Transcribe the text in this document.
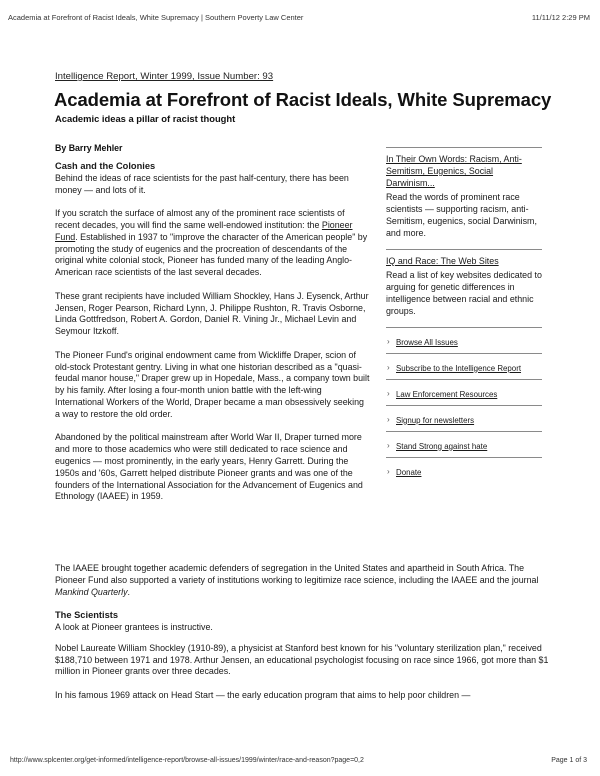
Academia at Forefront of Racist Ideals, White Supremacy | Southern Poverty Law Center	11/11/12 2:29 PM
Intelligence Report, Winter 1999, Issue Number: 93
Academia at Forefront of Racist Ideals, White Supremacy
Academic ideas a pillar of racist thought
By Barry Mehler

Cash and the Colonies
Behind the ideas of race scientists for the past half-century, there has been money — and lots of it.

If you scratch the surface of almost any of the prominent race scientists of recent decades, you will find the same well-endowed institution: the Pioneer Fund. Established in 1937 to "improve the character of the American people" by promoting the study of eugenics and the procreation of descendants of the original white colonial stock, Pioneer has funded many of the leading Anglo-American race scientists of the last several decades.

These grant recipients have included William Shockley, Hans J. Eysenck, Arthur Jensen, Roger Pearson, Richard Lynn, J. Philippe Rushton, R. Travis Osborne, Linda Gottfredson, Robert A. Gordon, Daniel R. Vining Jr., Michael Levin and Seymour Itzkoff.

The Pioneer Fund's original endowment came from Wickliffe Draper, scion of old-stock Protestant gentry. Living in what one historian described as a "quasi-feudal manor house," Draper grew up in Hopedale, Mass., a company town built by his family. After losing a four-month union battle with the left-wing International Workers of the World, Draper became a man obsessively seeking a way to restore the old order.

Abandoned by the political mainstream after World War II, Draper turned more and more to those academics who were still dedicated to race science and eugenics — most prominently, in the early years, Henry Garrett. During the 1950s and '60s, Garrett helped distribute Pioneer grants and was one of the founders of the International Association for the Advancement of Eugenics and Ethnology (IAAEE) in 1959.

The IAAEE brought together academic defenders of segregation in the United States and apartheid in South Africa. The Pioneer Fund also supported a variety of institutions working to legitimize race science, including the IAAEE and the journal Mankind Quarterly.

The Scientists
A look at Pioneer grantees is instructive.

Nobel Laureate William Shockley (1910-89), a physicist at Stanford best known for his "voluntary sterilization plan," received $188,710 between 1971 and 1978. Arthur Jensen, an educational psychologist focusing on race since 1966, got more than $1 million in Pioneer grants over three decades.

In his famous 1969 attack on Head Start — the early education program that aims to help poor children —

In Their Own Words: Racism, Anti-Semitism, Eugenics, Social Darwinism...
Read the words of prominent race scientists — supporting racism, anti-Semitism, eugenics, social Darwinism, and more.
IQ and Race: The Web Sites
Read a list of key websites dedicated to arguing for genetic differences in intelligence between racial and ethnic groups.
› Browse All Issues
› Subscribe to the Intelligence Report
› Law Enforcement Resources
› Signup for newsletters
› Stand Strong against hate
› Donate
http://www.splcenter.org/get-informed/intelligence-report/browse-all-issues/1999/winter/race-and-reason?page=0,2	Page 1 of 3
